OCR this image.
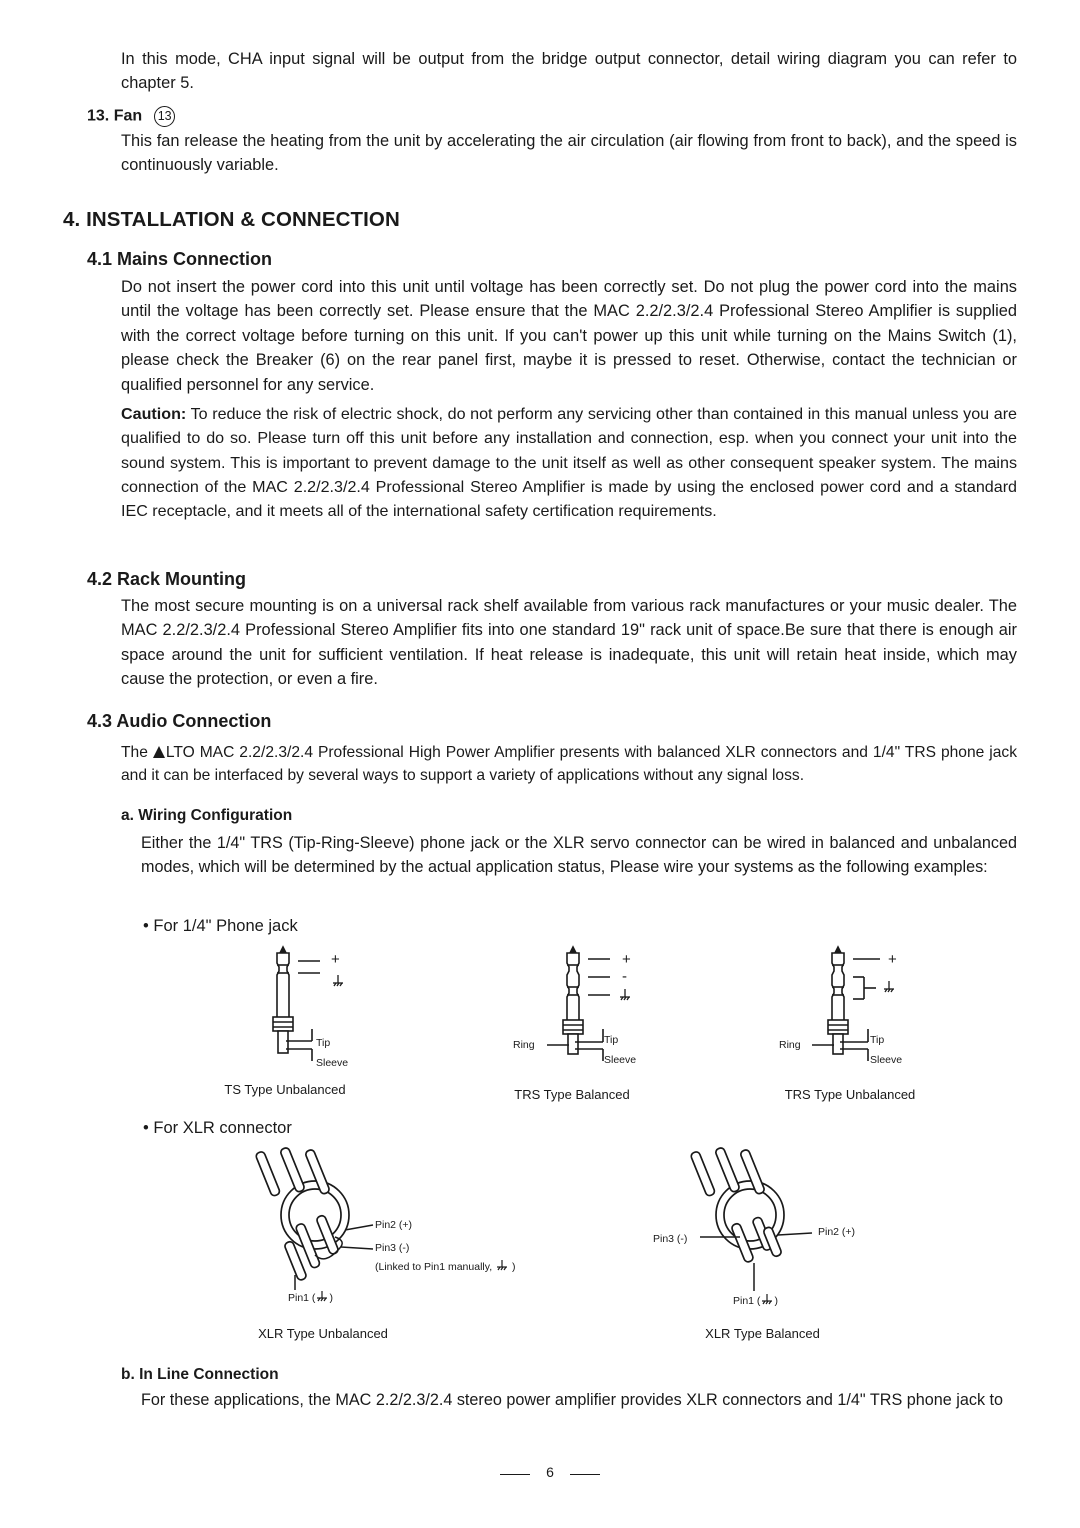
In this mode, CHA input signal will be output from the bridge output connector, detail wiring diagram you can refer to chapter 5.

13. Fan 13

This fan release the heating from the unit by accelerating the air circulation (air flowing from front to back), and the speed is continuously variable.

4. INSTALLATION & CONNECTION
4.1 Mains Connection

Do not insert the power cord into this unit until voltage has been correctly set. Do not plug the power cord into the mains until the voltage has been correctly set. Please ensure that the MAC 2.2/2.3/2.4 Professional Stereo Amplifier is supplied with the correct voltage before turning on this unit. If you can't power up this unit while turning on the Mains Switch (1), please check the Breaker (6) on the rear panel first, maybe it is pressed to reset. Otherwise, contact the technician or qualified personnel for any service.

Caution: To reduce the risk of electric shock, do not perform any servicing other than contained in this manual unless you are qualified to do so. Please turn off this unit before any installation and connection, esp. when you connect your unit into the sound system. This is important to prevent damage to the unit itself as well as other consequent speaker system. The mains connection of the MAC 2.2/2.3/2.4 Professional Stereo Amplifier is made by using the enclosed power cord and a standard IEC receptacle, and it meets all of the international safety certification requirements.

4.2 Rack Mounting

The most secure mounting is on a universal rack shelf available from various rack manufactures or your music dealer. The MAC 2.2/2.3/2.4 Professional Stereo Amplifier fits into one standard 19" rack unit of space.Be sure that there is enough air space around the unit for sufficient ventilation. If heat release is inadequate, this unit will retain heat inside, which may cause the protection, or even a fire.

4.3 Audio Connection

The LTO MAC 2.2/2.3/2.4 Professional High Power Amplifier presents with balanced XLR connectors and 1/4" TRS phone jack and it can be interfaced by several ways to support a variety of applications without any signal loss.

a. Wiring Configuration

Either the 1/4" TRS (Tip-Ring-Sleeve) phone jack or the XLR servo connector can be wired in balanced and unbalanced modes, which will be determined by the actual application status, Please wire your systems as the following examples:

• For 1/4" Phone jack
+
Tip
Sleeve
TS Type Unbalanced
+
-
Tip
Sleeve
Ring
TRS Type Balanced
+
Tip
Sleeve
Ring
TRS Type Unbalanced
• For XLR connector
Pin2 (+)
Pin3 (-)
(Linked to Pin1 manually, )
Pin1 ( )
XLR Type Unbalanced
Pin2 (+)
Pin3 (-)
Pin1 ( )
XLR Type Balanced
b. In Line Connection

For these applications, the MAC 2.2/2.3/2.4 stereo power amplifier provides XLR connectors and 1/4" TRS phone jack to

6
